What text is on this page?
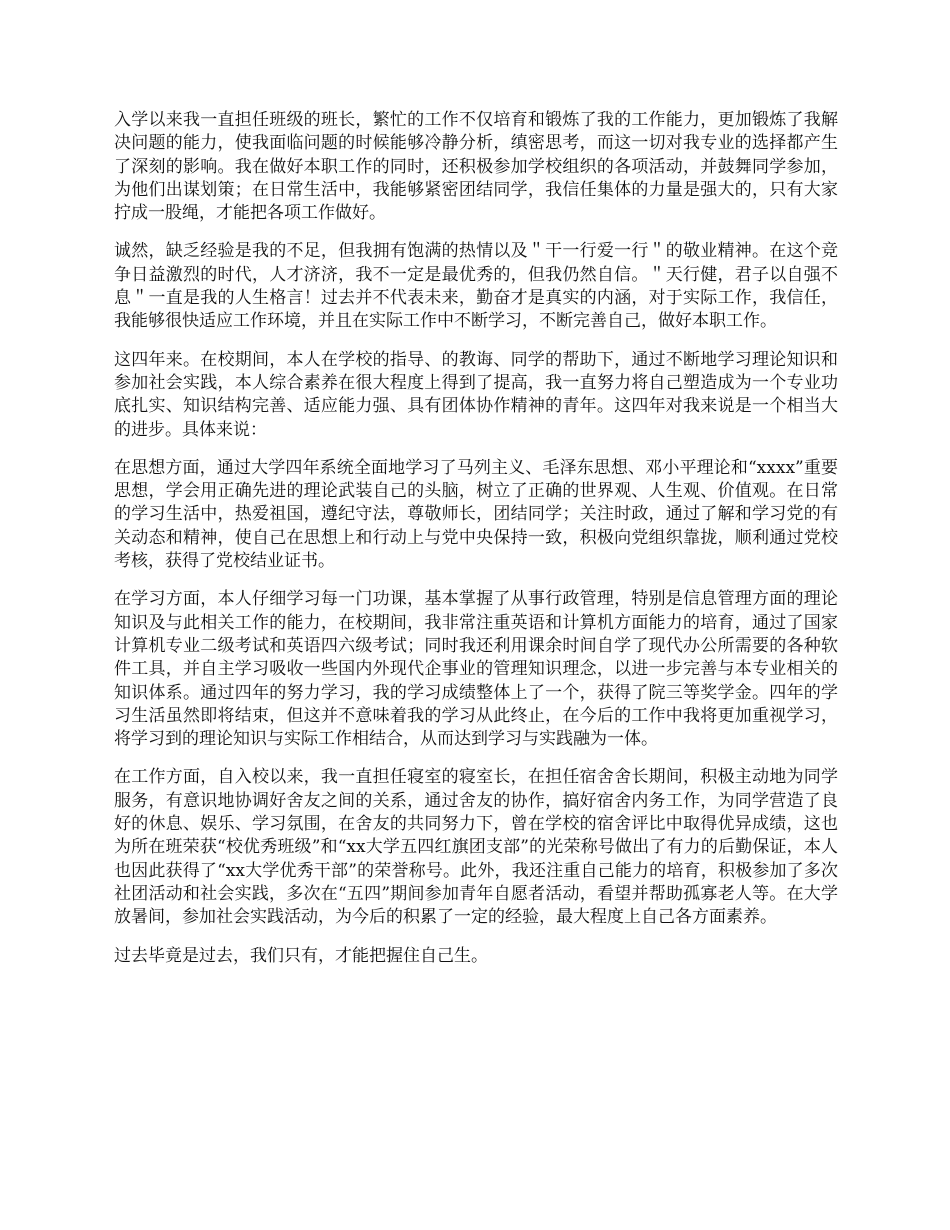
入学以来我一直担任班级的班长，繁忙的工作不仅培育和锻炼了我的工作能力，更加锻炼了我解决问题的能力，使我面临问题的时候能够冷静分析，缜密思考，而这一切对我专业的选择都产生了深刻的影响。我在做好本职工作的同时，还积极参加学校组织的各项活动，并鼓舞同学参加，为他们出谋划策；在日常生活中，我能够紧密团结同学，我信任集体的力量是强大的，只有大家拧成一股绳，才能把各项工作做好。

诚然，缺乏经验是我的不足，但我拥有饱满的热情以及＂干一行爱一行＂的敬业精神。在这个竞争日益激烈的时代，人才济济，我不一定是最优秀的，但我仍然自信。＂天行健，君子以自强不息＂一直是我的人生格言！过去并不代表未来，勤奋才是真实的内涵，对于实际工作，我信任，我能够很快适应工作环境，并且在实际工作中不断学习，不断完善自己，做好本职工作。

这四年来。在校期间，本人在学校的指导、的教诲、同学的帮助下，通过不断地学习理论知识和参加社会实践，本人综合素养在很大程度上得到了提高，我一直努力将自己塑造成为一个专业功底扎实、知识结构完善、适应能力强、具有团体协作精神的青年。这四年对我来说是一个相当大的进步。具体来说：

在思想方面，通过大学四年系统全面地学习了马列主义、毛泽东思想、邓小平理论和“xxxx”重要思想，学会用正确先进的理论武装自己的头脑，树立了正确的世界观、人生观、价值观。在日常的学习生活中，热爱祖国，遵纪守法，尊敬师长，团结同学；关注时政，通过了解和学习党的有关动态和精神，使自己在思想上和行动上与党中央保持一致，积极向党组织靠拢，顺利通过党校考核，获得了党校结业证书。

在学习方面，本人仔细学习每一门功课，基本掌握了从事行政管理，特别是信息管理方面的理论知识及与此相关工作的能力，在校期间，我非常注重英语和计算机方面能力的培育，通过了国家计算机专业二级考试和英语四六级考试；同时我还利用课余时间自学了现代办公所需要的各种软件工具，并自主学习吸收一些国内外现代企事业的管理知识理念，以进一步完善与本专业相关的知识体系。通过四年的努力学习，我的学习成绩整体上了一个，获得了院三等奖学金。四年的学习生活虽然即将结束，但这并不意味着我的学习从此终止，在今后的工作中我将更加重视学习，将学习到的理论知识与实际工作相结合，从而达到学习与实践融为一体。

在工作方面，自入校以来，我一直担任寝室的寝室长，在担任宿舍舍长期间，积极主动地为同学服务，有意识地协调好舍友之间的关系，通过舍友的协作，搞好宿舍内务工作，为同学营造了良好的休息、娱乐、学习氛围，在舍友的共同努力下，曾在学校的宿舍评比中取得优异成绩，这也为所在班荣获“校优秀班级”和“xx大学五四红旗团支部”的光荣称号做出了有力的后勤保证，本人也因此获得了“xx大学优秀干部”的荣誉称号。此外，我还注重自己能力的培育，积极参加了多次社团活动和社会实践，多次在“五四”期间参加青年自愿者活动，看望并帮助孤寡老人等。在大学放暑间，参加社会实践活动，为今后的积累了一定的经验，最大程度上自己各方面素养。

过去毕竟是过去，我们只有，才能把握住自己生。
